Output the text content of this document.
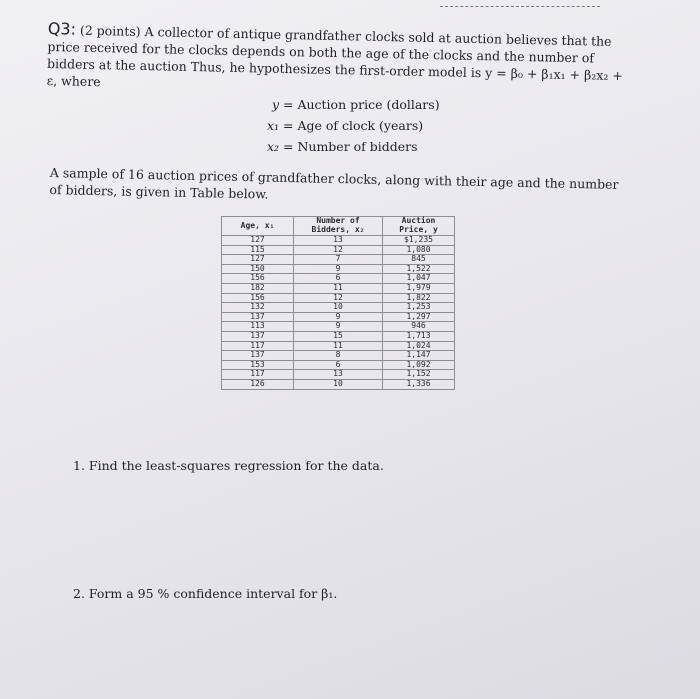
Q3: (2 points) A collector of antique grandfather clocks sold at auction believes that the price received for the clocks depends on both the age of the clocks and the number of bidders at the auction Thus, he hypothesizes the first-order model is y = β₀ + β₁x₁ + β₂x₂ + ε, where
y = Auction price (dollars)
x₁ = Age of clock (years)
x₂ = Number of bidders
A sample of 16 auction prices of grandfather clocks, along with their age and the number of bidders, is given in Table below.
Age, x₁	Number of Bidders, x₂	Auction Price, y
127	13	$1,235
115	12	1,080
127	7	845
150	9	1,522
156	6	1,047
182	11	1,979
156	12	1,822
132	10	1,253
137	9	1,297
113	9	946
137	15	1,713
117	11	1,024
137	8	1,147
153	6	1,092
117	13	1,152
126	10	1,336
1. Find the least-squares regression for the data.
2. Form a 95 % confidence interval for β₁.
